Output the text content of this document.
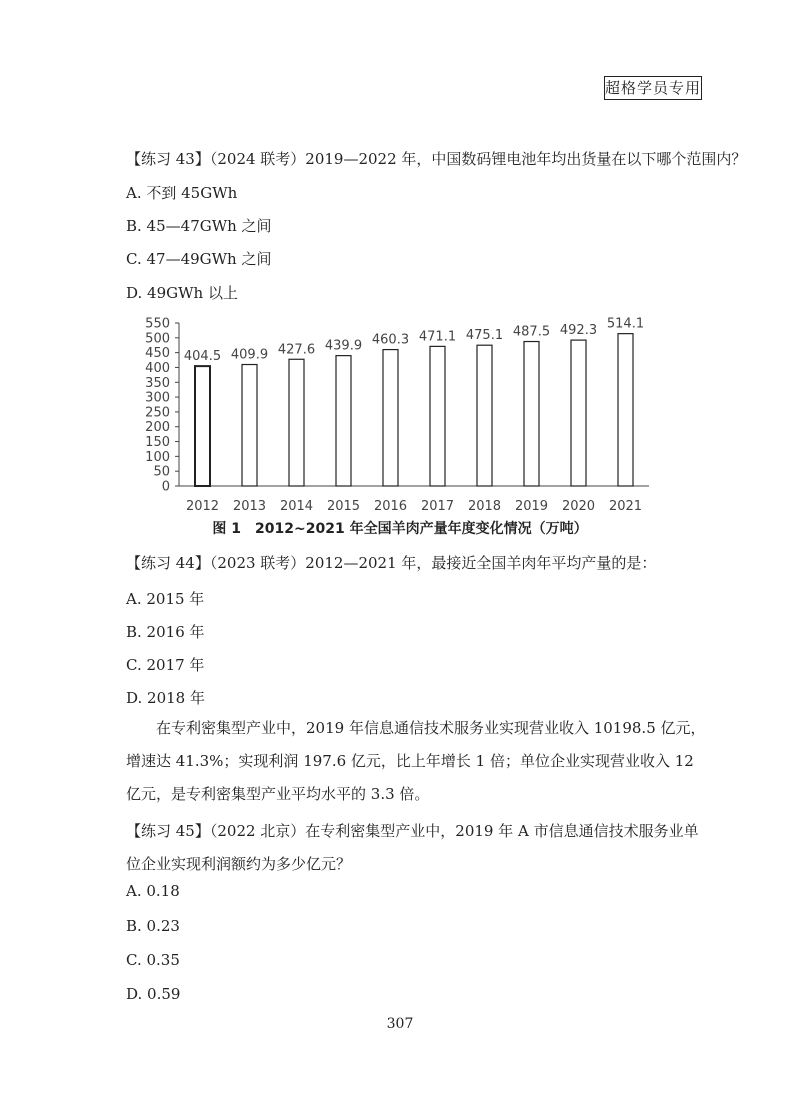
超格学员专用
【练习 43】（2024 联考）2019—2022 年，中国数码锂电池年均出货量在以下哪个范围内？
A. 不到 45GWh
B. 45—47GWh 之间
C. 47—49GWh 之间
D. 49GWh 以上
0
50
100
150
200
250
300
350
400
450
500
550
404.5
2012
409.9
2013
427.6
2014
439.9
2015
460.3
2016
471.1
2017
475.1
2018
487.5
2019
492.3
2020
514.1
2021
图 1　2012~2021 年全国羊肉产量年度变化情况（万吨）
【练习 44】（2023 联考）2012—2021 年，最接近全国羊肉年平均产量的是：
A. 2015 年
B. 2016 年
C. 2017 年
D. 2018 年
在专利密集型产业中，2019 年信息通信技术服务业实现营业收入 10198.5 亿元，增速达 41.3%；实现利润 197.6 亿元，比上年增长 1 倍；单位企业实现营业收入 12 亿元，是专利密集型产业平均水平的 3.3 倍。
【练习 45】（2022 北京）在专利密集型产业中，2019 年 A 市信息通信技术服务业单位企业实现利润额约为多少亿元？
A. 0.18
B. 0.23
C. 0.35
D. 0.59
307
